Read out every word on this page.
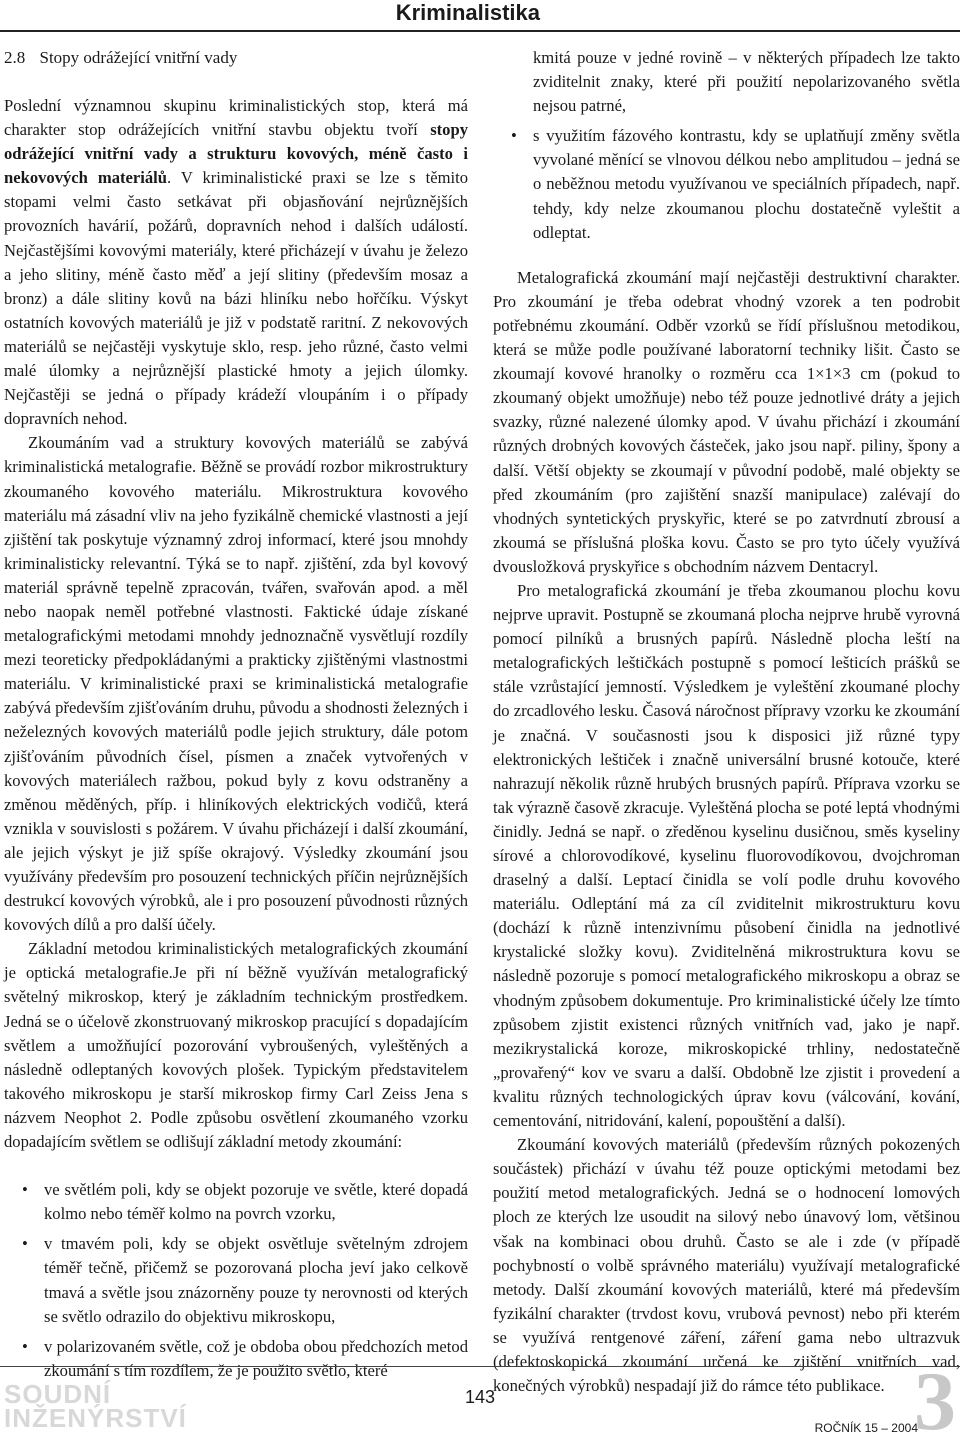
Kriminalistika
2.8 Stopy odrážející vnitřní vady

Poslední významnou skupinu kriminalistických stop, která má charakter stop odrážejících vnitřní stavbu objektu tvoří stopy odrážející vnitřní vady a strukturu kovových, méně často i nekovových materiálů. V kriminalistické praxi se lze s těmito stopami velmi často setkávat při objasňování nejrůznějších provozních havárií, požárů, dopravních nehod i dalších událostí. Nejčastějšími kovovými materiály, které přicházejí v úvahu je železo a jeho slitiny, méně často měď a její slitiny (především mosaz a bronz) a dále slitiny kovů na bázi hliníku nebo hořčíku. Výskyt ostatních kovových materiálů je již v podstatě raritní. Z nekovových materiálů se nejčastěji vyskytuje sklo, resp. jeho různé, často velmi malé úlomky a nejrůznější plastické hmoty a jejich úlomky. Nejčastěji se jedná o případy krádeží vloupáním i o případy dopravních nehod.

Zkoumáním vad a struktury kovových materiálů se zabývá kriminalistická metalografie. Běžně se provádí rozbor mikrostruktury zkoumaného kovového materiálu. Mikrostruktura kovového materiálu má zásadní vliv na jeho fyzikálně chemické vlastnosti a její zjištění tak poskytuje významný zdroj informací, které jsou mnohdy kriminalisticky relevantní. Týká se to např. zjištění, zda byl kovový materiál správně tepelně zpracován, tvářen, svařován apod. a měl nebo naopak neměl potřebné vlastnosti. Faktické údaje získané metalografickými metodami mnohdy jednoznačně vysvětlují rozdíly mezi teoreticky předpokládanými a prakticky zjištěnými vlastnostmi materiálu. V kriminalistické praxi se kriminalistická metalografie zabývá především zjišťováním druhu, původu a shodnosti železných i neželezných kovových materiálů podle jejich struktury, dále potom zjišťováním původních čísel, písmen a značek vytvořených v kovových materiálech ražbou, pokud byly z kovu odstraněny a změnou měděných, příp. i hliníkových elektrických vodičů, která vznikla v souvislosti s požárem. V úvahu přicházejí i další zkoumání, ale jejich výskyt je již spíše okrajový. Výsledky zkoumání jsou využívány především pro posouzení technických příčin nejrůznějších destrukcí kovových výrobků, ale i pro posouzení původnosti různých kovových dílů a pro další účely.

Základní metodou kriminalistických metalografických zkoumání je optická metalografie.Je při ní běžně využíván metalografický světelný mikroskop, který je základním technickým prostředkem. Jedná se o účelově zkonstruovaný mikroskop pracující s dopadajícím světlem a umožňující pozorování vybroušených, vyleštěných a následně odleptaných kovových plošek. Typickým představitelem takového mikroskopu je starší mikroskop firmy Carl Zeiss Jena s názvem Neophot 2. Podle způsobu osvětlení zkoumaného vzorku dopadajícím světlem se odlišují základní metody zkoumání:

• ve světlém poli, kdy se objekt pozoruje ve světle, které dopadá kolmo nebo téměř kolmo na povrch vzorku,
• v tmavém poli, kdy se objekt osvětluje světelným zdrojem téměř tečně, přičemž se pozorovaná plocha jeví jako celkově tmavá a světle jsou znázorněny pouze ty nerovnosti od kterých se světlo odrazilo do objektivu mikroskopu,
• v polarizovaném světle, což je obdoba obou předchozích metod zkoumání s tím rozdílem, že je použito světlo, které
kmitá pouze v jedné rovině – v některých případech lze takto zviditelnit znaky, které při použití nepolarizovaného světla nejsou patrné,
• s využitím fázového kontrastu, kdy se uplatňují změny světla vyvolané měnící se vlnovou délkou nebo amplitudou – jedná se o neběžnou metodu využívanou ve speciálních případech, např. tehdy, kdy nelze zkoumanou plochu dostatečně vyleštit a odleptat.

Metalografická zkoumání mají nejčastěji destruktivní charakter. Pro zkoumání je třeba odebrat vhodný vzorek a ten podrobit potřebnému zkoumání. Odběr vzorků se řídí příslušnou metodikou, která se může podle používané laboratorní techniky lišit. Často se zkoumají kovové hranolky o rozměru cca 1×1×3 cm (pokud to zkoumaný objekt umožňuje) nebo též pouze jednotlivé dráty a jejich svazky, různé nalezené úlomky apod. V úvahu přichází i zkoumání různých drobných kovových částeček, jako jsou např. piliny, špony a další. Větší objekty se zkoumají v původní podobě, malé objekty se před zkoumáním (pro zajištění snazší manipulace) zalévají do vhodných syntetických pryskyřic, které se po zatvrdnutí zbrousí a zkoumá se příslušná ploška kovu. Často se pro tyto účely využívá dvousložková pryskyřice s obchodním názvem Dentacryl.

Pro metalografická zkoumání je třeba zkoumanou plochu kovu nejprve upravit. Postupně se zkoumaná plocha nejprve hrubě vyrovná pomocí pilníků a brusných papírů. Následně plocha leští na metalografických leštičkách postupně s pomocí lešticích prášků se stále vzrůstající jemností. Výsledkem je vyleštění zkoumané plochy do zrcadlového lesku. Časová náročnost přípravy vzorku ke zkoumání je značná. V současnosti jsou k disposici již různé typy elektronických leštiček i značně universální brusné kotouče, které nahrazují několik různě hrubých brusných papírů. Příprava vzorku se tak výrazně časově zkracuje. Vyleštěná plocha se poté leptá vhodnými činidly. Jedná se např. o zředěnou kyselinu dusičnou, směs kyseliny sírové a chlorovodíkové, kyselinu fluorovodíkovou, dvojchroman draselný a další. Leptací činidla se volí podle druhu kovového materiálu. Odleptání má za cíl zviditelnit mikrostrukturu kovu (dochází k různě intenzivnímu působení činidla na jednotlivé krystalické složky kovu). Zviditelněná mikrostruktura kovu se následně pozoruje s pomocí metalografického mikroskopu a obraz se vhodným způsobem dokumentuje. Pro kriminalistické účely lze tímto způsobem zjistit existenci různých vnitřních vad, jako je např. mezikrystalická koroze, mikroskopické trhliny, nedostatečně „provařený“ kov ve svaru a další. Obdobně lze zjistit i provedení a kvalitu různých technologických úprav kovu (válcování, kování, cementování, nitridování, kalení, popouštění a další).

Zkoumání kovových materiálů (především různých pokozených součástek) přichází v úvahu též pouze optickými metodami bez použití metod metalografických. Jedná se o hodnocení lomových ploch ze kterých lze usoudit na silový nebo únavový lom, většinou však na kombinaci obou druhů. Často se ale i zde (v případě pochybností o volbě správného materiálu) využívají metalografické metody. Další zkoumání kovových materiálů, které má především fyzikální charakter (trvdost kovu, vrubová pevnost) nebo při kterém se využívá rentgenové záření, záření gama nebo ultrazvuk (defektoskopická zkoumání určená ke zjištění vnitřních vad, konečných výrobků) nespadají již do rámce této publikace.

SOUDNÍ
INŽENÝRSTVÍ
143	3
ROČNÍK 15 – 2004
